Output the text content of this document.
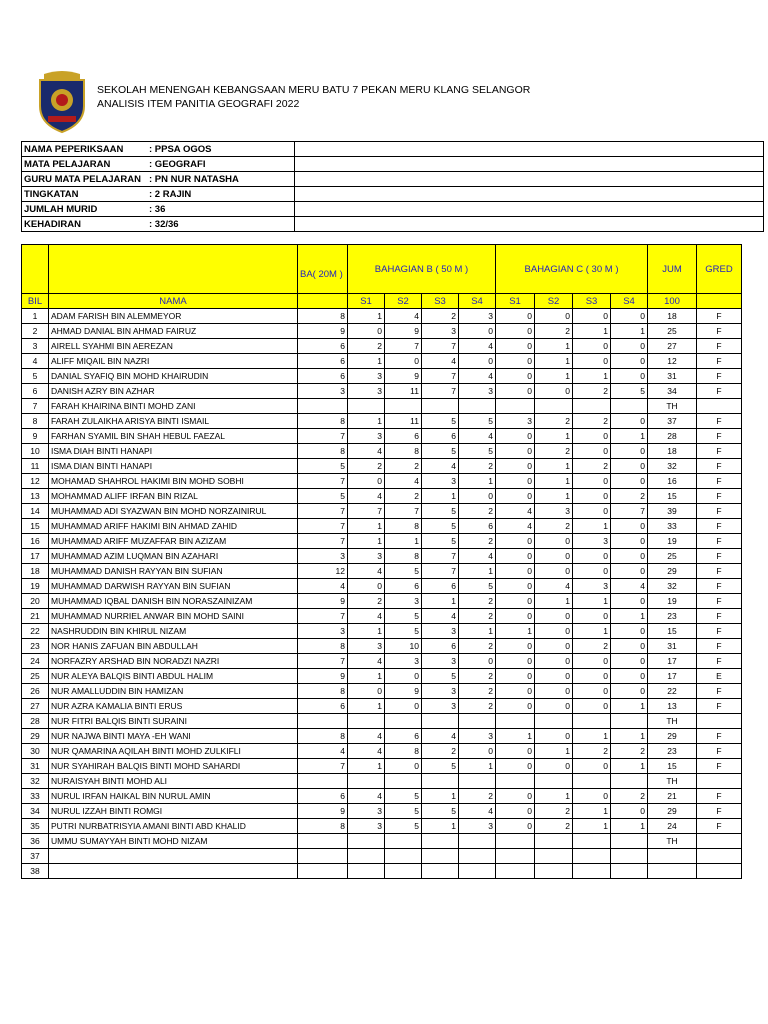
SEKOLAH MENENGAH KEBANGSAAN MERU BATU 7 PEKAN MERU KLANG SELANGOR
ANALISIS ITEM PANITIA GEOGRAFI 2022
NAMA PEPERIKSAAN : PPSA OGOS	
MATA PELAJARAN : GEOGRAFI	
GURU MATA PELAJARAN : PN NUR NATASHA	
TINGKATAN : 2 RAJIN	
JUMLAH MURID : 36	
KEHADIRAN : 32/36	

		BA( 20M )	BAHAGIAN B ( 50 M )				BAHAGIAN C ( 30 M )				JUM	GRED
BIL	NAMA		S1	S2	S3	S4	S1	S2	S3	S4	100	
1	ADAM FARISH BIN ALEMMEYOR	8	1	4	2	3	0	0	0	0	18	F
2	AHMAD DANIAL BIN AHMAD FAIRUZ	9	0	9	3	0	0	2	1	1	25	F
3	AIRELL SYAHMI BIN AEREZAN	6	2	7	7	4	0	1	0	0	27	F
4	ALIFF MIQAIL BIN NAZRI	6	1	0	4	0	0	1	0	0	12	F
5	DANIAL SYAFIQ BIN MOHD KHAIRUDIN	6	3	9	7	4	0	1	1	0	31	F
6	DANISH AZRY BIN AZHAR	3	3	11	7	3	0	0	2	5	34	F
7	FARAH KHAIRINA BINTI MOHD ZANI										TH	
8	FARAH ZULAIKHA ARISYA BINTI ISMAIL	8	1	11	5	5	3	2	2	0	37	F
9	FARHAN SYAMIL BIN SHAH HEBUL FAEZAL	7	3	6	6	4	0	1	0	1	28	F
10	ISMA DIAH BINTI HANAPI	8	4	8	5	5	0	2	0	0	18	F
11	ISMA DIAN BINTI HANAPI	5	2	2	4	2	0	1	2	0	32	F
12	MOHAMAD SHAHROL HAKIMI BIN MOHD SOBHI	7	0	4	3	1	0	1	0	0	16	F
13	MOHAMMAD ALIFF IRFAN BIN RIZAL	5	4	2	1	0	0	1	0	2	15	F
14	MUHAMMAD ADI SYAZWAN BIN MOHD NORZAINIRUL	7	7	7	5	2	4	3	0	7	39	F
15	MUHAMMAD ARIFF HAKIMI BIN AHMAD ZAHID	7	1	8	5	6	4	2	1	0	33	F
16	MUHAMMAD ARIFF MUZAFFAR BIN AZIZAM	7	1	1	5	2	0	0	3	0	19	F
17	MUHAMMAD AZIM LUQMAN BIN AZAHARI	3	3	8	7	4	0	0	0	0	25	F
18	MUHAMMAD DANISH RAYYAN BIN SUFIAN	12	4	5	7	1	0	0	0	0	29	F
19	MUHAMMAD DARWISH RAYYAN BIN SUFIAN	4	0	6	6	5	0	4	3	4	32	F
20	MUHAMMAD IQBAL DANISH BIN NORASZAINIZAM	9	2	3	1	2	0	1	1	0	19	F
21	MUHAMMAD NURRIEL ANWAR BIN MOHD SAINI	7	4	5	4	2	0	0	0	1	23	F
22	NASHRUDDIN BIN KHIRUL NIZAM	3	1	5	3	1	1	0	1	0	15	F
23	NOR HANIS ZAFUAN BIN ABDULLAH	8	3	10	6	2	0	0	2	0	31	F
24	NORFAZRY ARSHAD BIN NORADZI NAZRI	7	4	3	3	0	0	0	0	0	17	F
25	NUR ALEYA BALQIS BINTI ABDUL HALIM	9	1	0	5	2	0	0	0	0	17	E
26	NUR AMALLUDDIN BIN HAMIZAN	8	0	9	3	2	0	0	0	0	22	F
27	NUR AZRA KAMALIA BINTI ERUS	6	1	0	3	2	0	0	0	1	13	F
28	NUR FITRI BALQIS BINTI SURAINI										TH	
29	NUR NAJWA BINTI MAYA -EH WANI	8	4	6	4	3	1	0	1	1	29	F
30	NUR QAMARINA AQILAH BINTI MOHD ZULKIFLI	4	4	8	2	0	0	1	2	2	23	F
31	NUR SYAHIRAH BALQIS BINTI MOHD SAHARDI	7	1	0	5	1	0	0	0	1	15	F
32	NURAISYAH BINTI MOHD ALI										TH	
33	NURUL IRFAN HAIKAL BIN NURUL AMIN	6	4	5	1	2	0	1	0	2	21	F
34	NURUL IZZAH BINTI ROMGI	9	3	5	5	4	0	2	1	0	29	F
35	PUTRI NURBATRISYIA AMANI BINTI ABD KHALID	8	3	5	1	3	0	2	1	1	24	F
36	UMMU SUMAYYAH BINTI MOHD NIZAM										TH	
37												
38												
